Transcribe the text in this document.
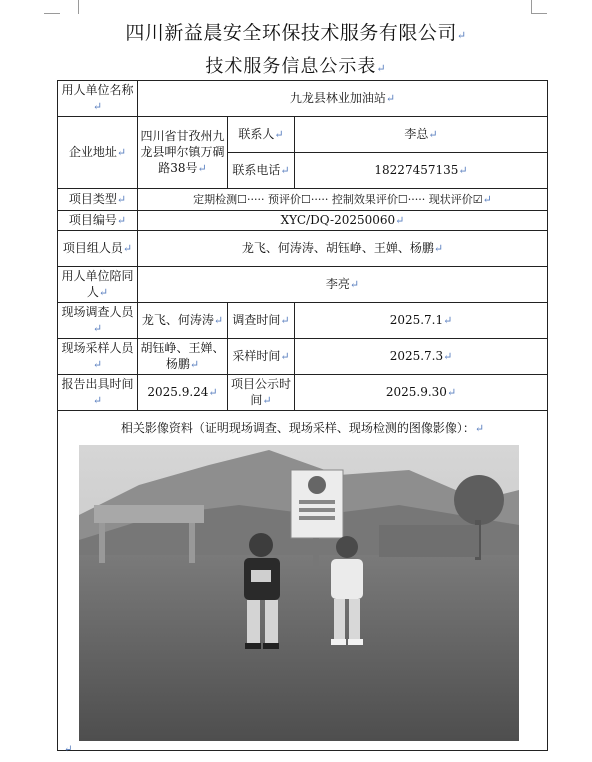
四川新益晨安全环保技术服务有限公司↵
技术服务信息公示表↵
用人单位名称↵	九龙县林业加油站↵		
企业地址↵	四川省甘孜州九龙县呷尔镇万碉路38号↵	联系人↵	李总↵
		联系电话↵	18227457135↵
项目类型↵	定期检测☐····· 预评价☐····· 控制效果评价☐····· 现状评价☑↵		
项目编号↵	XYC/DQ-20250060↵		
项目组人员↵	龙飞、何涛涛、胡钰峥、王婵、杨鹏↵		
用人单位陪同人↵	李亮↵		
现场调查人员↵	龙飞、何涛涛↵	调查时间↵	2025.7.1↵
现场采样人员↵	胡钰峥、王婵、杨鹏↵	采样时间↵	2025.7.3↵
报告出具时间↵	2025.9.24↵	项目公示时间↵	2025.9.30↵

相关影像资料（证明现场调查、现场采样、现场检测的图像影像）：↵			
↵
